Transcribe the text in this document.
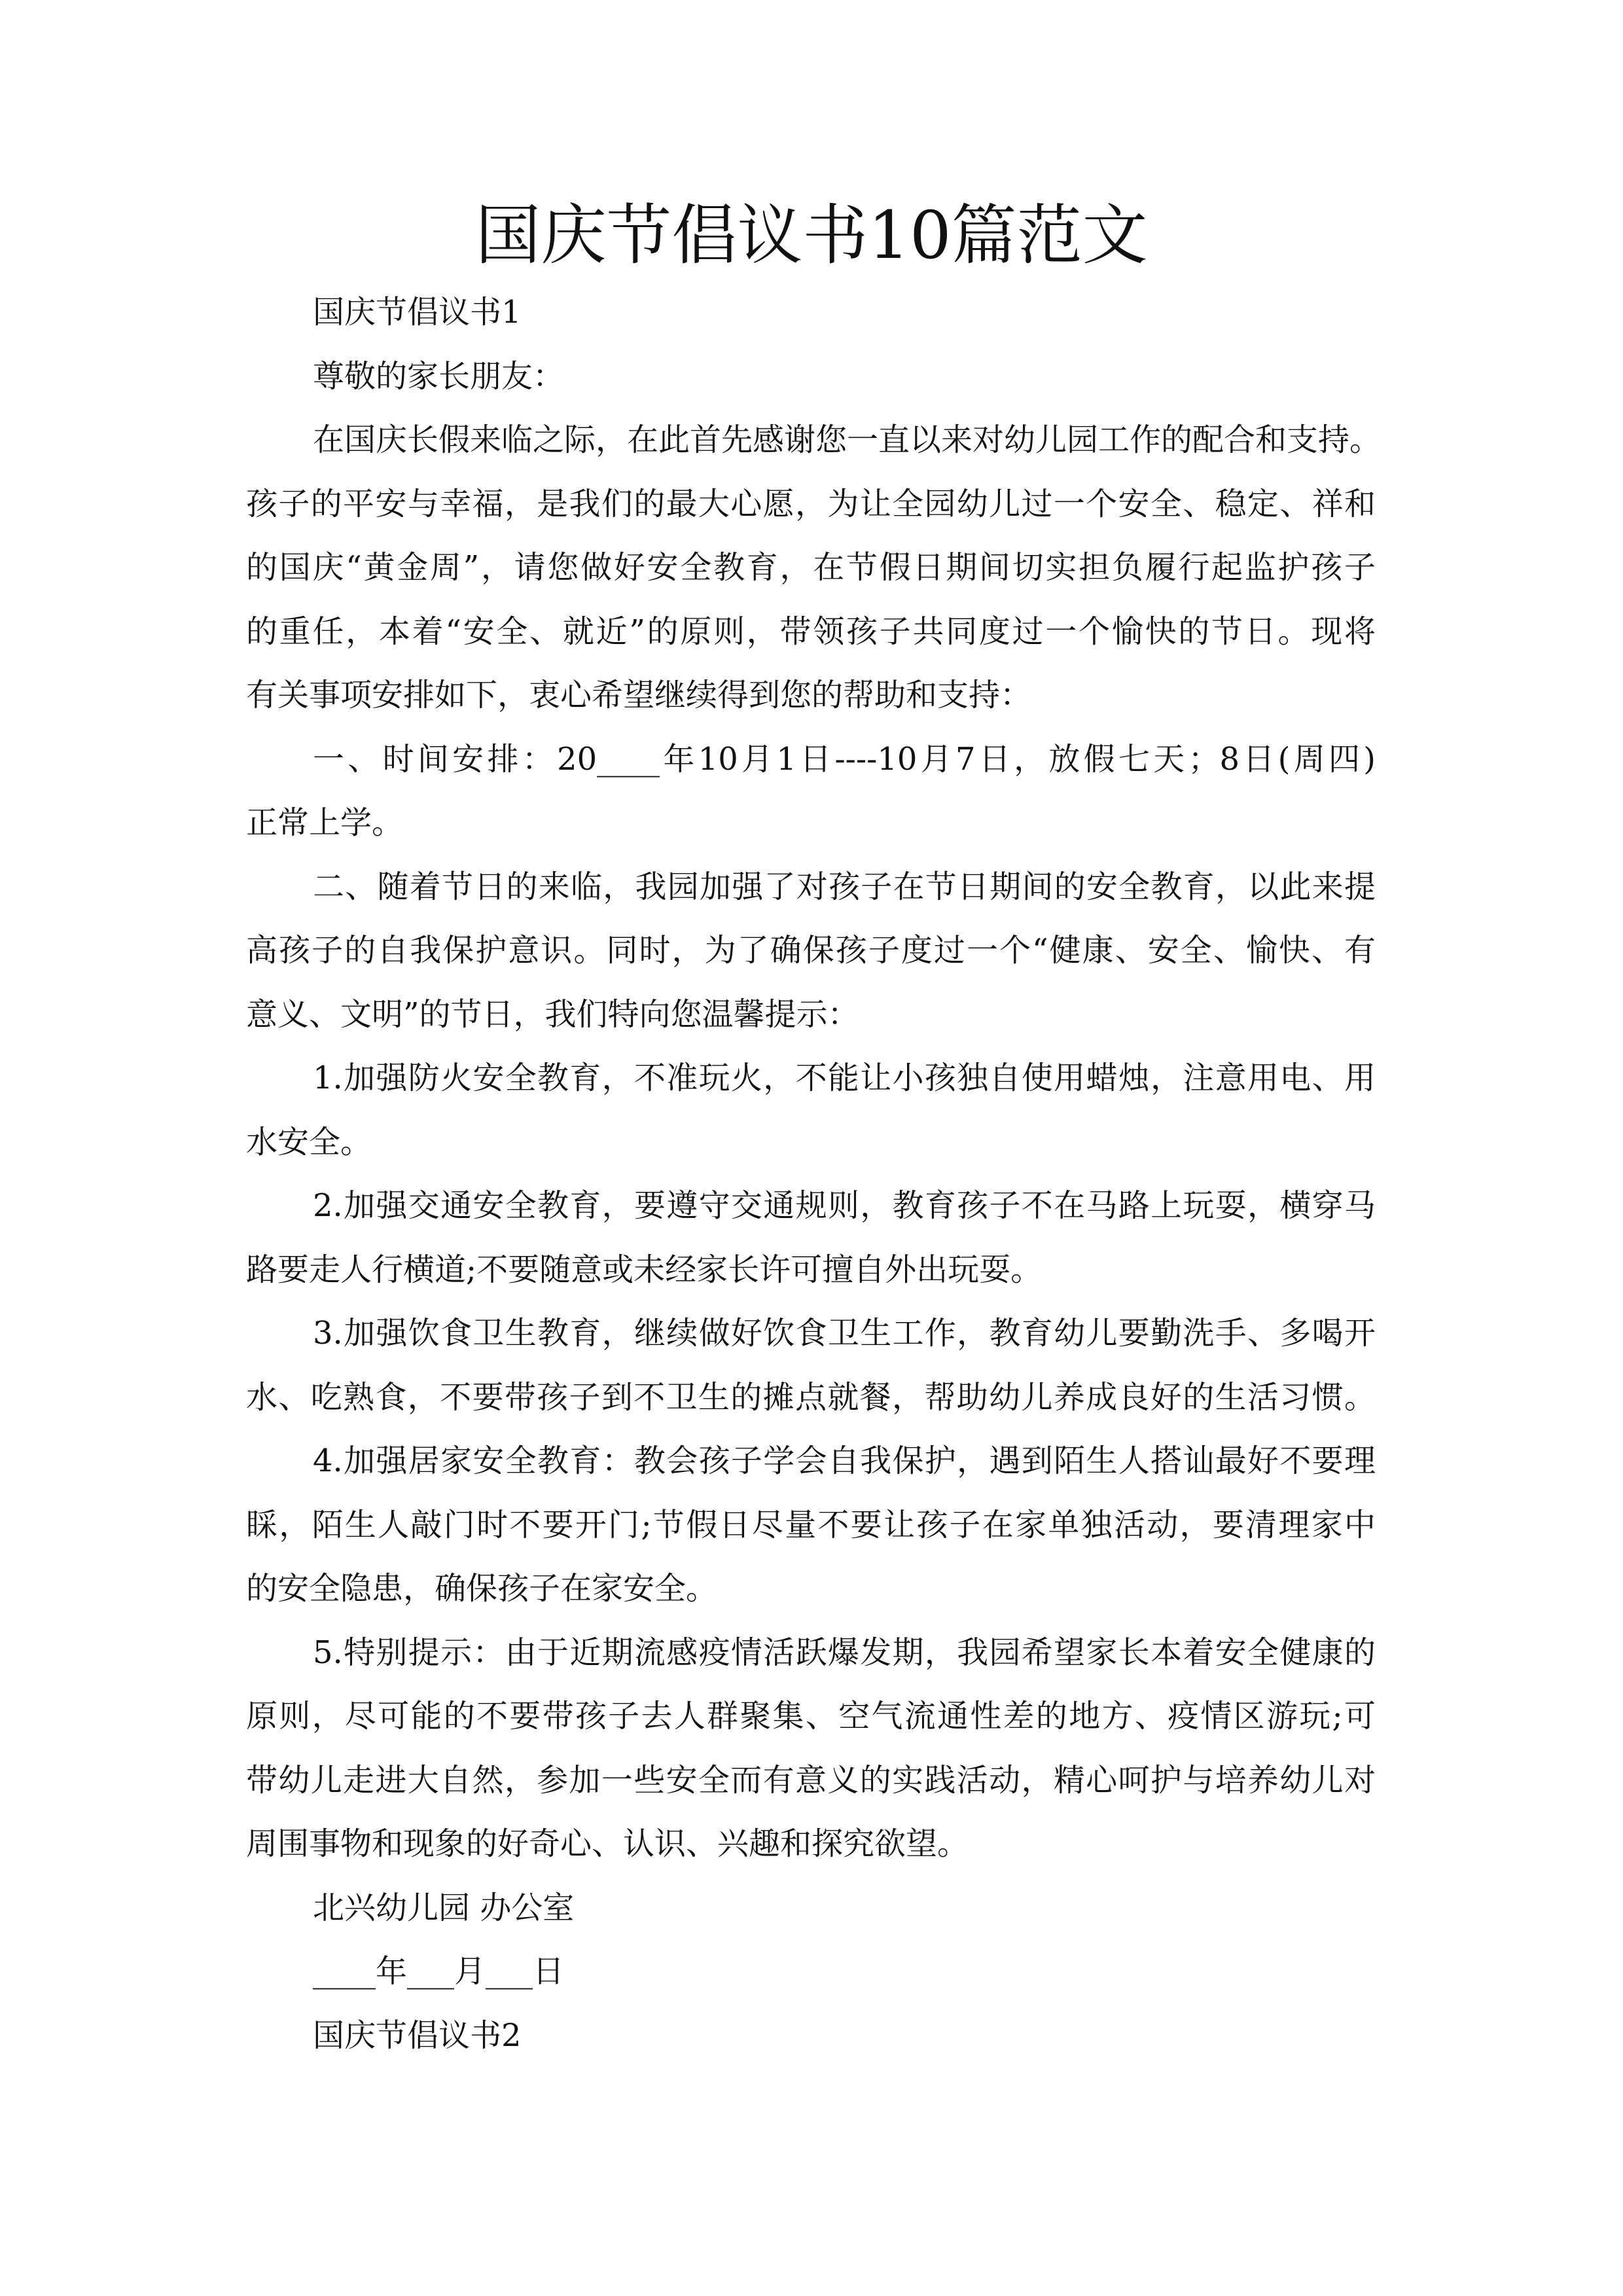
国庆节倡议书10篇范文
国庆节倡议书1
尊敬的家长朋友：
在国庆长假来临之际，在此首先感谢您一直以来对幼儿园工作的配合和支持。
孩子的平安与幸福，是我们的最大心愿，为让全园幼儿过一个安全、稳定、祥和
的国庆“黄金周”，请您做好安全教育，在节假日期间切实担负履行起监护孩子
的重任，本着“安全、就近”的原则，带领孩子共同度过一个愉快的节日。现将
有关事项安排如下，衷心希望继续得到您的帮助和支持：
一、时间安排：20____年10月1日----10月7日，放假七天；8日(周四)
正常上学。
二、随着节日的来临，我园加强了对孩子在节日期间的安全教育，以此来提
高孩子的自我保护意识。同时，为了确保孩子度过一个“健康、安全、愉快、有
意义、文明”的节日，我们特向您温馨提示：
1.加强防火安全教育，不准玩火，不能让小孩独自使用蜡烛，注意用电、用
水安全。
2.加强交通安全教育，要遵守交通规则，教育孩子不在马路上玩耍，横穿马
路要走人行横道;不要随意或未经家长许可擅自外出玩耍。
3.加强饮食卫生教育，继续做好饮食卫生工作，教育幼儿要勤洗手、多喝开
水、吃熟食，不要带孩子到不卫生的摊点就餐，帮助幼儿养成良好的生活习惯。
4.加强居家安全教育：教会孩子学会自我保护，遇到陌生人搭讪最好不要理
睬，陌生人敲门时不要开门;节假日尽量不要让孩子在家单独活动，要清理家中
的安全隐患，确保孩子在家安全。
5.特别提示：由于近期流感疫情活跃爆发期，我园希望家长本着安全健康的
原则，尽可能的不要带孩子去人群聚集、空气流通性差的地方、疫情区游玩;可
带幼儿走进大自然，参加一些安全而有意义的实践活动，精心呵护与培养幼儿对
周围事物和现象的好奇心、认识、兴趣和探究欲望。
北兴幼儿园 办公室
____年___月___日
国庆节倡议书2
